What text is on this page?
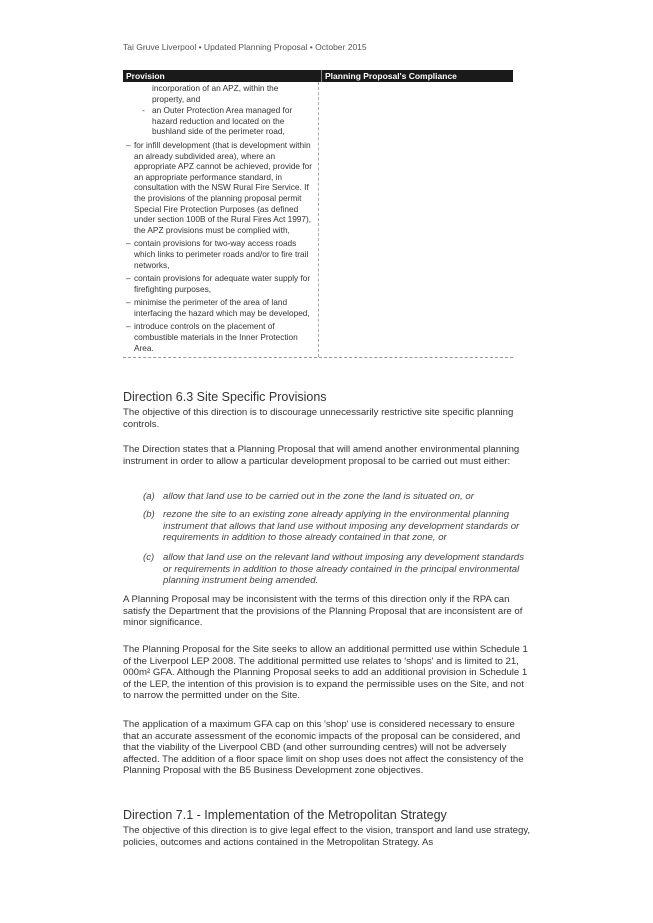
Tai Gruve Liverpool • Updated Planning Proposal • October 2015
Provision	Planning Proposal's Compliance
incorporation of an APZ, within the property, and
- an Outer Protection Area managed for hazard reduction and located on the bushland side of the perimeter road,
– for infill development (that is development within an already subdivided area), where an appropriate APZ cannot be achieved, provide for an appropriate performance standard, in consultation with the NSW Rural Fire Service. If the provisions of the planning proposal permit Special Fire Protection Purposes (as defined under section 100B of the Rural Fires Act 1997), the APZ provisions must be complied with,
– contain provisions for two-way access roads which links to perimeter roads and/or to fire trail networks,
– contain provisions for adequate water supply for firefighting purposes,
– minimise the perimeter of the area of land interfacing the hazard which may be developed,
– introduce controls on the placement of combustible materials in the Inner Protection Area.
Direction 6.3 Site Specific Provisions
The objective of this direction is to discourage unnecessarily restrictive site specific planning controls.
The Direction states that a Planning Proposal that will amend another environmental planning instrument in order to allow a particular development proposal to be carried out must either:
(a) allow that land use to be carried out in the zone the land is situated on, or
(b) rezone the site to an existing zone already applying in the environmental planning instrument that allows that land use without imposing any development standards or requirements in addition to those already contained in that zone, or
(c) allow that land use on the relevant land without imposing any development standards or requirements in addition to those already contained in the principal environmental planning instrument being amended.
A Planning Proposal may be inconsistent with the terms of this direction only if the RPA can satisfy the Department that the provisions of the Planning Proposal that are inconsistent are of minor significance.
The Planning Proposal for the Site seeks to allow an additional permitted use within Schedule 1 of the Liverpool LEP 2008. The additional permitted use relates to 'shops' and is limited to 21, 000m² GFA. Although the Planning Proposal seeks to add an additional provision in Schedule 1 of the LEP, the intention of this provision is to expand the permissible uses on the Site, and not to narrow the permitted under on the Site.
The application of a maximum GFA cap on this 'shop' use is considered necessary to ensure that an accurate assessment of the economic impacts of the proposal can be considered, and that the viability of the Liverpool CBD (and other surrounding centres) will not be adversely affected. The addition of a floor space limit on shop uses does not affect the consistency of the Planning Proposal with the B5 Business Development zone objectives.
Direction 7.1 - Implementation of the Metropolitan Strategy
The objective of this direction is to give legal effect to the vision, transport and land use strategy, policies, outcomes and actions contained in the Metropolitan Strategy. As
